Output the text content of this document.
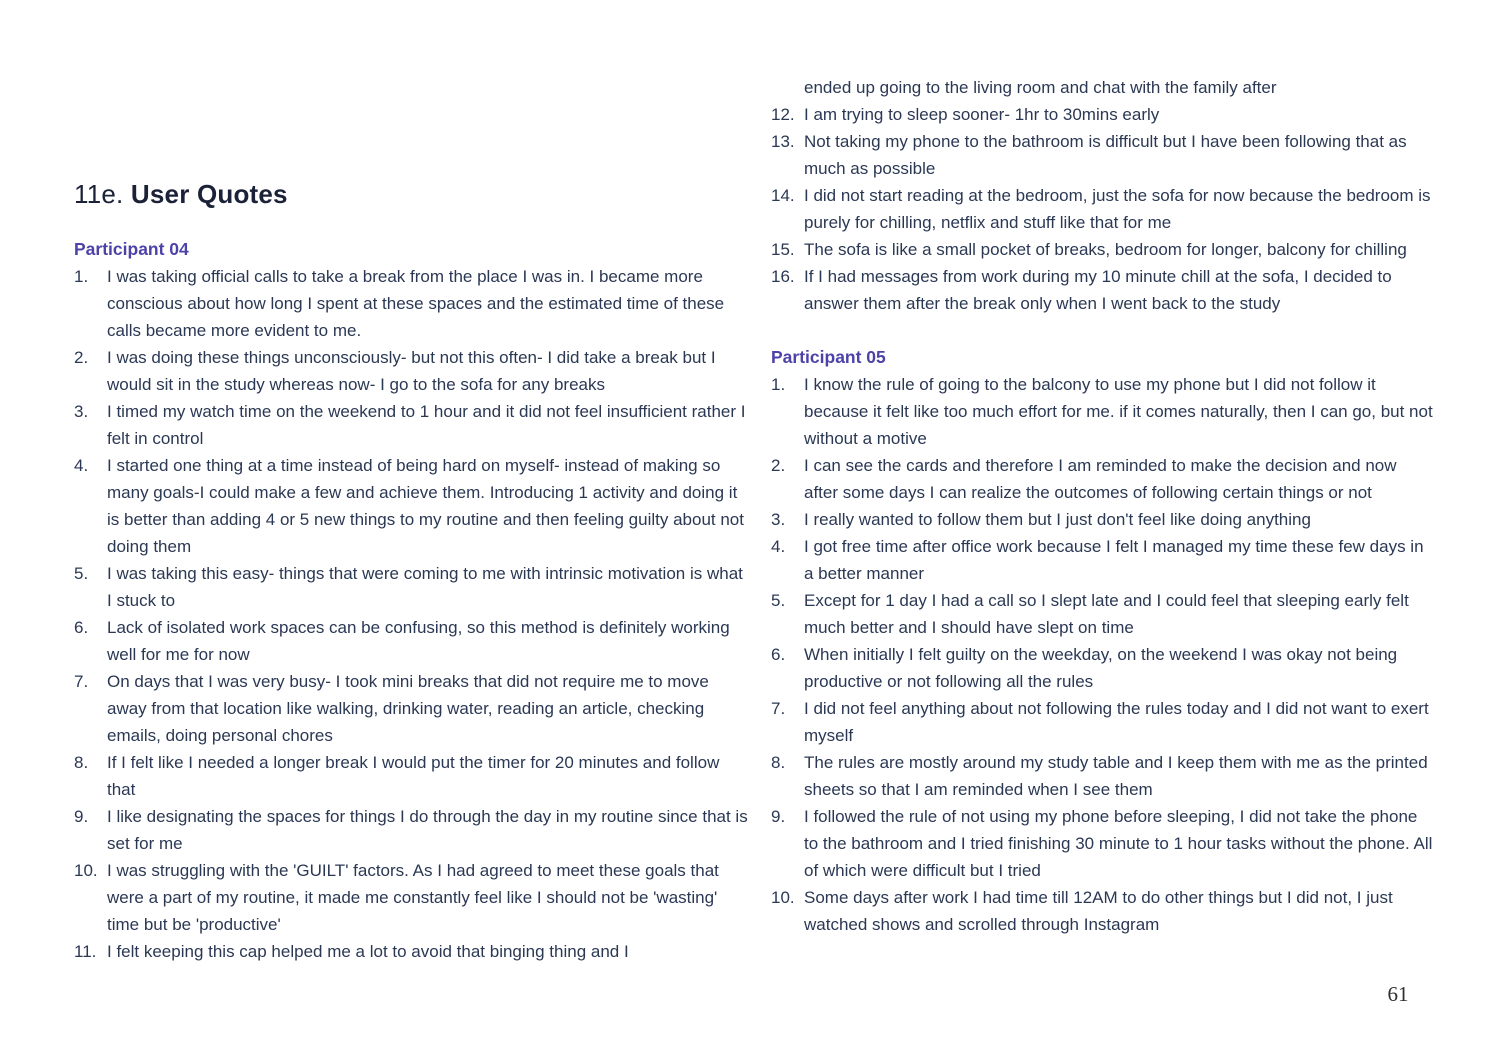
11e. User Quotes
Participant 04
1.	I was taking official calls to take a break from the place I was in. I became more conscious about how long I spent at these spaces and the estimated time of these calls became more evident to me.
2.	I was doing these things unconsciously- but not this often- I did take a break but I would sit in the study whereas now- I go to the sofa for any breaks
3.	I timed my watch time on the weekend to 1 hour and it did not feel insufficient rather I felt in control
4.	I started one thing at a time instead of being hard on myself- instead of making so many goals-I could make a few and achieve them. Introducing 1 activity and doing it is better than adding 4 or 5 new things to my routine and then feeling guilty about not doing them
5.	I was taking this easy- things that were coming to me with intrinsic motivation is what I stuck to
6.	Lack of isolated work spaces can be confusing, so this method is definitely working well for me for now
7.	On days that I was very busy- I took mini breaks that did not require me to move away from that location like walking, drinking water, reading an article, checking emails, doing personal chores
8.	If I felt like I needed a longer break I would put the timer for 20 minutes and follow that
9.	I like designating the spaces for things I do through the day in my routine since that is set for me
10. I was struggling with the 'GUILT' factors. As I had agreed to meet these goals that were a part of my routine, it made me constantly feel like I should not be 'wasting' time but be 'productive'
11. I felt keeping this cap helped me a lot to avoid that binging thing and I
ended up going to the living room and chat with the family after
12. I am trying to sleep sooner- 1hr to 30mins early
13. Not taking my phone to the bathroom is difficult but I have been following that as much as possible
14. I did not start reading at the bedroom, just the sofa for now because the bedroom is purely for chilling, netflix and stuff like that for me
15. The sofa is like a small pocket of breaks, bedroom for longer, balcony for chilling
16. If I had messages from work during my 10 minute chill at the sofa, I decided to answer them after the break only when I went back to the study
Participant 05
1.	I know the rule of going to the balcony to use my phone but I did not follow it because it felt like too much effort for me. if it comes naturally, then I can go, but not without a motive
2.	I can see the cards and therefore I am reminded to make the decision and now after some days I can realize the outcomes of following certain things or not
3.	I really wanted to follow them but I just don't feel like doing anything
4.	I got free time after office work because I felt I managed my time these few days in a better manner
5.	Except for 1 day I had a call so I slept late and I could feel that sleeping early felt much better and I should have slept on time
6.	When initially I felt guilty on the weekday, on the weekend I was okay not being productive or not following all the rules
7.	I did not feel anything about not following the rules today and I did not want to exert myself
8.	The rules are mostly around my study table and I keep them with me as the printed sheets so that I am reminded when I see them
9.	I followed the rule of not using my phone before sleeping, I did not take the phone to the bathroom and I tried finishing 30 minute to 1 hour tasks without the phone. All of which were difficult but I tried
10. Some days after work I had time till 12AM to do other things but I did not, I just watched shows and scrolled through Instagram
61
